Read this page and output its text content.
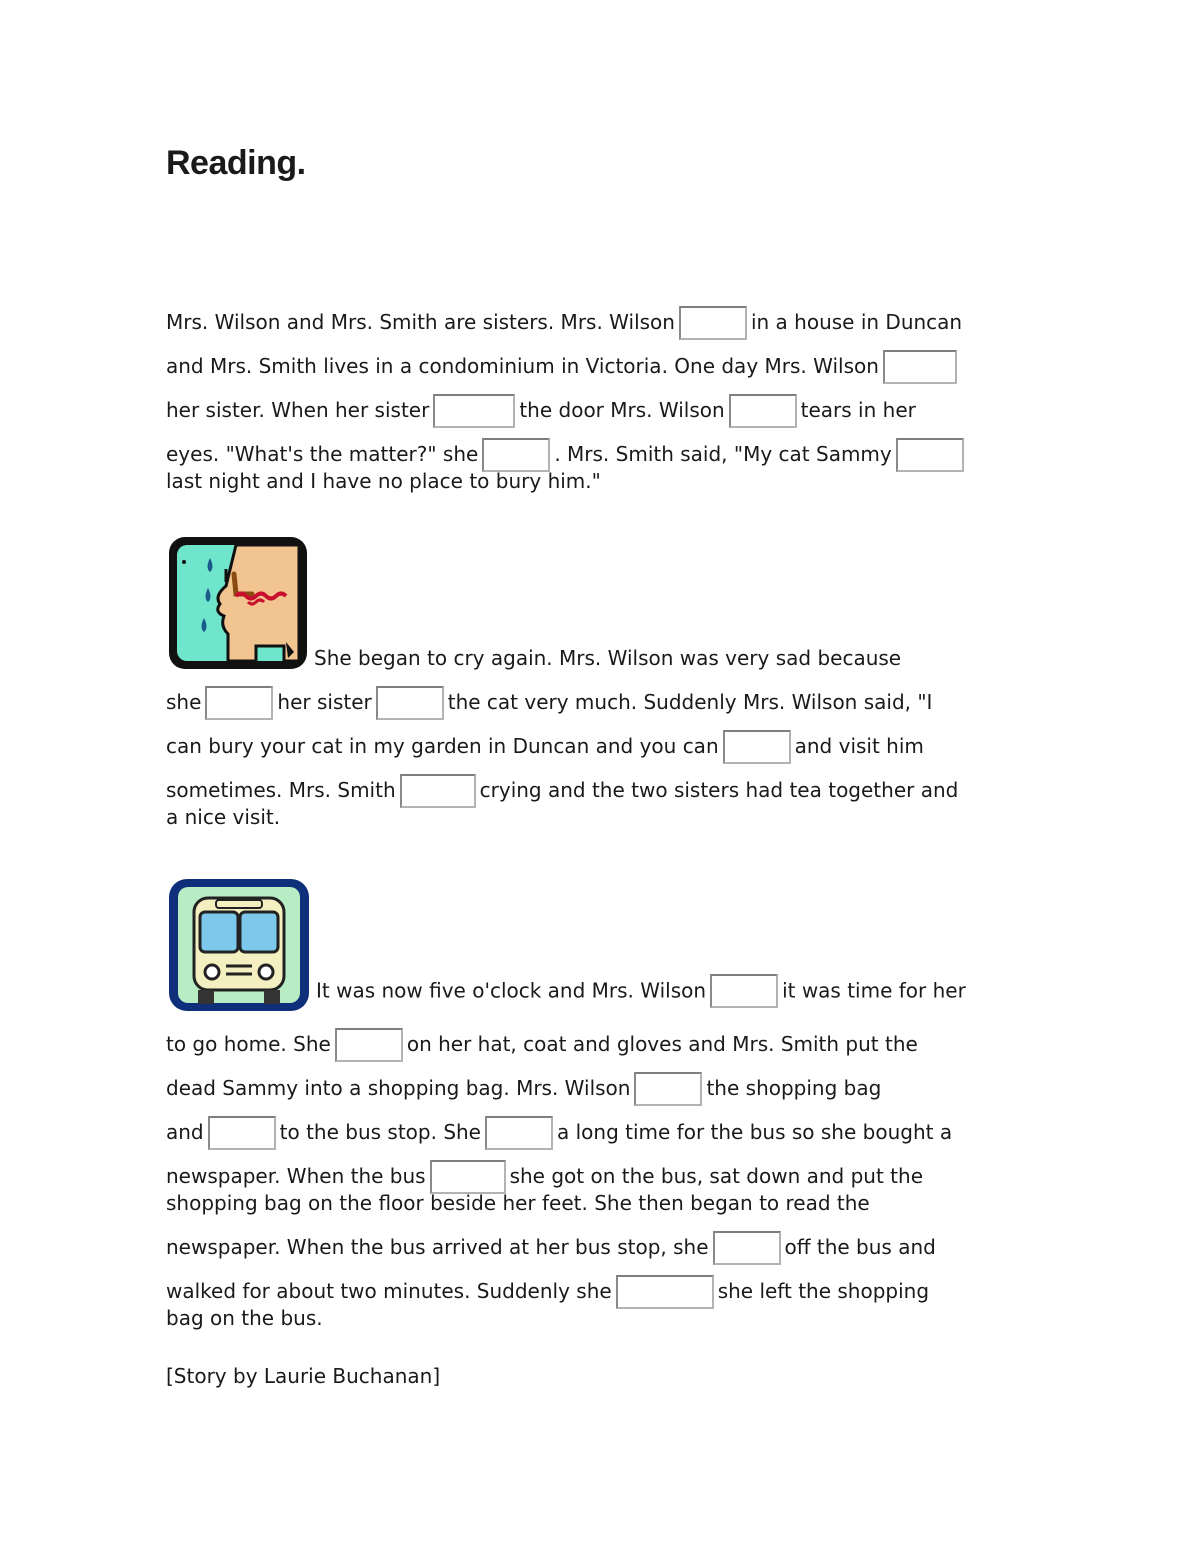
Reading.
Mrs. Wilson and Mrs. Smith are sisters. Mrs. Wilson	in a house in Duncan
and Mrs. Smith lives in a condominium in Victoria. One day Mrs. Wilson
her sister. When her sister	the door Mrs. Wilson	tears in her
eyes. "What's the matter?" she	. Mrs. Smith said, "My cat Sammy
last night and I have no place to bury him."
She began to cry again. Mrs. Wilson was very sad because
she	her sister	the cat very much. Suddenly Mrs. Wilson said, "I
can bury your cat in my garden in Duncan and you can	and visit him
sometimes. Mrs. Smith	crying and the two sisters had tea together and
a nice visit.
It was now five o'clock and Mrs. Wilson	it was time for her
to go home. She	on her hat, coat and gloves and Mrs. Smith put the
dead Sammy into a shopping bag. Mrs. Wilson	the shopping bag
and	to the bus stop. She	a long time for the bus so she bought a
newspaper. When the bus	she got on the bus, sat down and put the
shopping bag on the floor beside her feet. She then began to read the
newspaper. When the bus arrived at her bus stop, she	off the bus and
walked for about two minutes. Suddenly she	she left the shopping
bag on the bus.
[Story by Laurie Buchanan]
